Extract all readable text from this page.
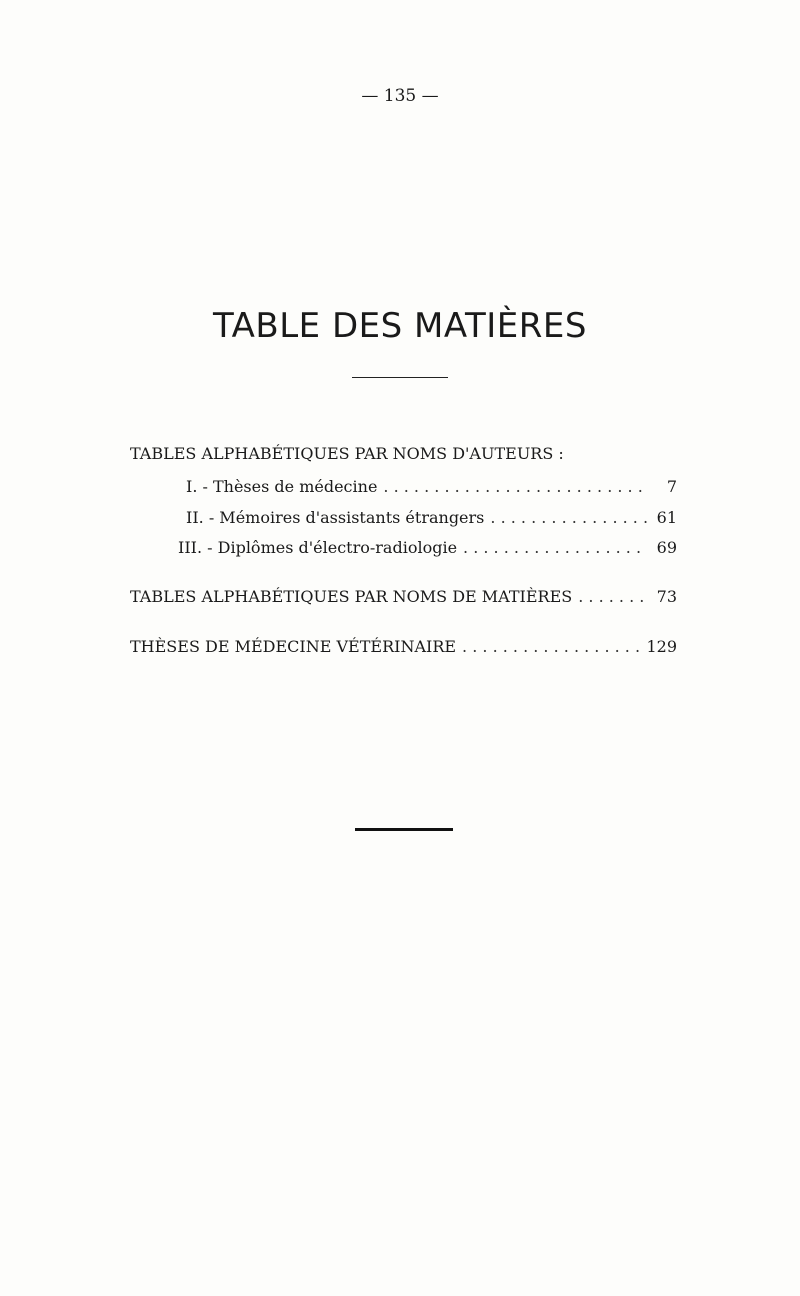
— 135 —
TABLE DES MATIÈRES
TABLES ALPHABÉTIQUES PAR NOMS D'AUTEURS :
I. - Thèses de médecine . . .	7
II. - Mémoires d'assistants étrangers . . .	61
III. - Diplômes d'électro-radiologie . . .	69
TABLES ALPHABÉTIQUES PAR NOMS DE MATIÈRES . . .	73
THÈSES DE MÉDECINE VÉTÉRINAIRE . . .	129
